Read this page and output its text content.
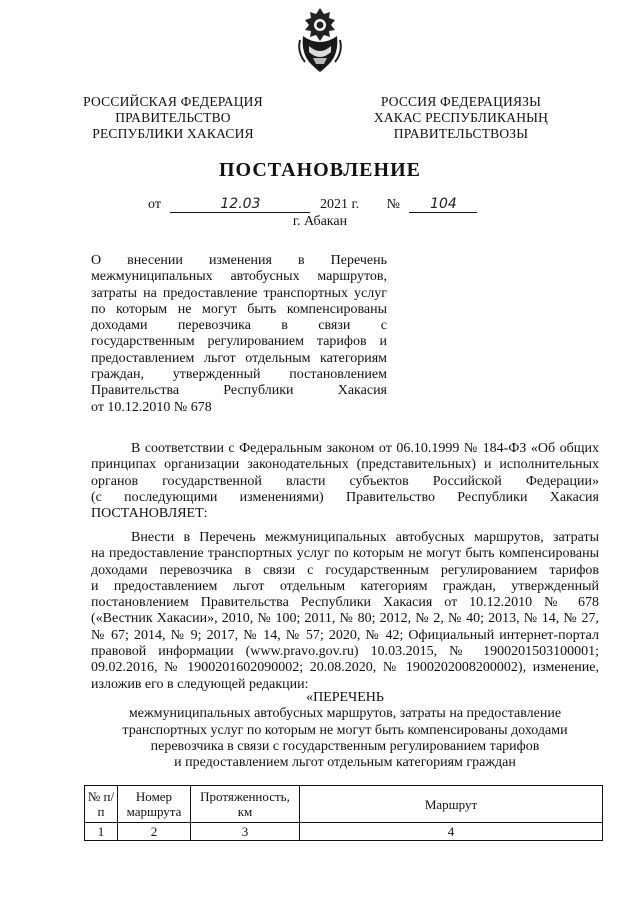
РОССИЙСКАЯ ФЕДЕРАЦИЯ
ПРАВИТЕЛЬСТВО
РЕСПУБЛИКИ ХАКАСИЯ
РОССИЯ ФЕДЕРАЦИЯЗЫ
ХАКАС РЕСПУБЛИКАНЫҢ
ПРАВИТЕЛЬСТВОЗЫ
ПОСТАНОВЛЕНИЕ
от	12.03	2021 г. № 104
г. Абакан
О внесении изменения в Перечень
межмуниципальных автобусных маршрутов,
затраты на предоставление транспортных услуг
по которым не могут быть компенсированы
доходами перевозчика в связи с
государственным регулированием тарифов и
предоставлением льгот отдельным категориям
граждан, утвержденный постановлением
Правительства Республики Хакасия
от 10.12.2010 № 678
В соответствии с Федеральным законом от 06.10.1999 № 184-ФЗ «Об общих
принципах организации законодательных (представительных) и исполнительных
органов государственной власти субъектов Российской Федерации»
(с последующими изменениями) Правительство Республики Хакасия
ПОСТАНОВЛЯЕТ:
Внести в Перечень межмуниципальных автобусных маршрутов, затраты
на предоставление транспортных услуг по которым не могут быть компенсированы
доходами перевозчика в связи с государственным регулированием тарифов
и предоставлением льгот отдельным категориям граждан, утвержденный
постановлением Правительства Республики Хакасия от 10.12.2010 № 678
(«Вестник Хакасии», 2010, № 100; 2011, № 80; 2012, № 2, № 40; 2013, № 14, № 27,
№ 67; 2014, № 9; 2017, № 14, № 57; 2020, № 42; Официальный интернет-портал
правовой информации (www.pravo.gov.ru) 10.03.2015, № 1900201503100001;
09.02.2016, № 1900201602090002; 20.08.2020, № 1900202008200002), изменение,
изложив его в следующей редакции:
«ПЕРЕЧЕНЬ
межмуниципальных автобусных маршрутов, затраты на предоставление
транспортных услуг по которым не могут быть компенсированы доходами
перевозчика в связи с государственным регулированием тарифов
и предоставлением льгот отдельным категориям граждан
№ п/п	Номер маршрута	Протяженность, км	Маршрут
1	2	3	4
